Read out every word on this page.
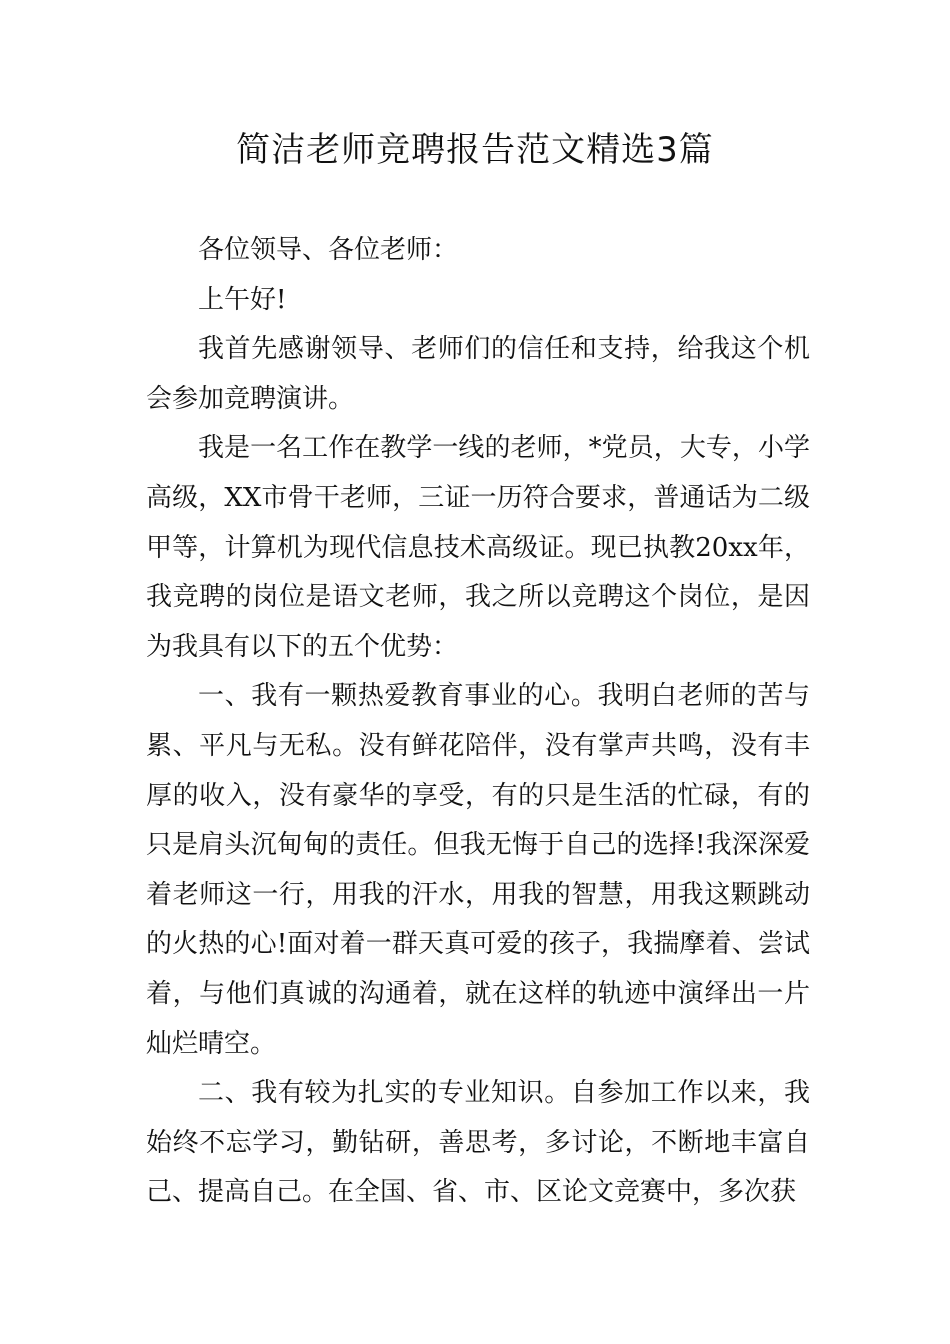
简洁老师竞聘报告范文精选3篇

各位领导、各位老师：

上午好!

我首先感谢领导、老师们的信任和支持，给我这个机会参加竞聘演讲。

我是一名工作在教学一线的老师，*党员，大专，小学高级，XX市骨干老师，三证一历符合要求，普通话为二级甲等，计算机为现代信息技术高级证。现已执教20xx年，我竞聘的岗位是语文老师，我之所以竞聘这个岗位，是因为我具有以下的五个优势：

一、我有一颗热爱教育事业的心。我明白老师的苦与累、平凡与无私。没有鲜花陪伴，没有掌声共鸣，没有丰厚的收入，没有豪华的享受，有的只是生活的忙碌，有的只是肩头沉甸甸的责任。但我无悔于自己的选择!我深深爱着老师这一行，用我的汗水，用我的智慧，用我这颗跳动的火热的心!面对着一群天真可爱的孩子，我揣摩着、尝试着，与他们真诚的沟通着，就在这样的轨迹中演绎出一片灿烂晴空。

二、我有较为扎实的专业知识。自参加工作以来，我始终不忘学习，勤钻研，善思考，多讨论，不断地丰富自己、提高自己。在全国、省、市、区论文竞赛中，多次获
